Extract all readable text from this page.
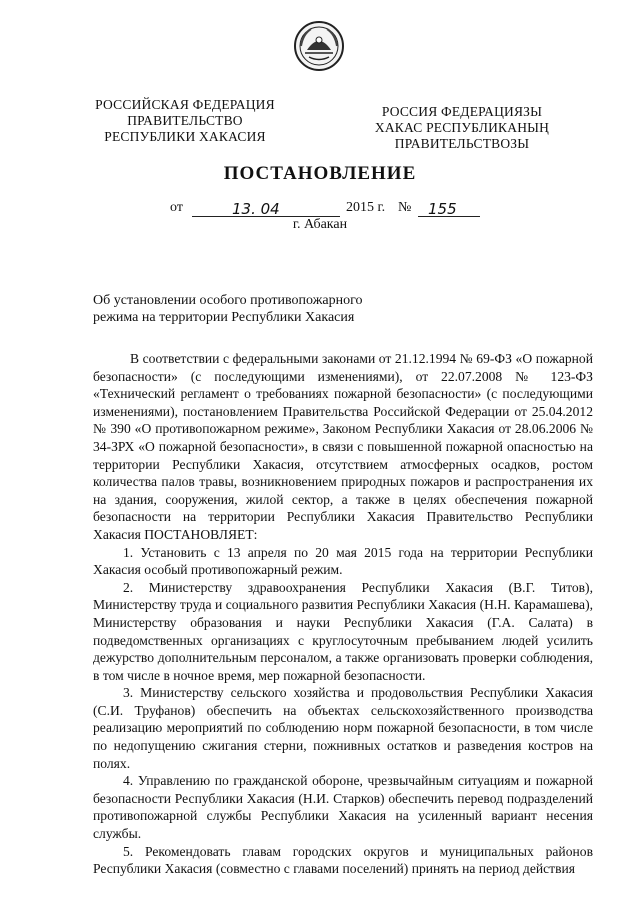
РОССИЙСКАЯ ФЕДЕРАЦИЯ
ПРАВИТЕЛЬСТВО
РЕСПУБЛИКИ ХАКАСИЯ
РОССИЯ ФЕДЕРАЦИЯЗЫ
ХАКАС РЕСПУБЛИКАНЫҢ
ПРАВИТЕЛЬСТВОЗЫ
ПОСТАНОВЛЕНИЕ
от	13. 04	2015 г. № 155
г. Абакан
Об установлении особого противопожарного
режима на территории Республики Хакасия

В соответствии с федеральными законами от 21.12.1994 № 69-ФЗ «О пожарной безопасности» (с последующими изменениями), от 22.07.2008 № 123-ФЗ «Технический регламент о требованиях пожарной безопасности» (с последующими изменениями), постановлением Правительства Российской Федерации от 25.04.2012 № 390 «О противопожарном режиме», Законом Республики Хакасия от 28.06.2006 № 34-ЗРХ «О пожарной безопасности», в связи с повышенной пожарной опасностью на территории Республики Хакасия, отсутствием атмосферных осадков, ростом количества палов травы, возникновением природных пожаров и распространения их на здания, сооружения, жилой сектор, а также в целях обеспечения пожарной безопасности на территории Республики Хакасия Правительство Республики Хакасия ПОСТАНОВЛЯЕТ:

1. Установить с 13 апреля по 20 мая 2015 года на территории Республики Хакасия особый противопожарный режим.

2. Министерству здравоохранения Республики Хакасия (В.Г. Титов), Министерству труда и социального развития Республики Хакасия (Н.Н. Карамашева), Министерству образования и науки Республики Хакасия (Г.А. Салата) в подведомственных организациях с круглосуточным пребыванием людей усилить дежурство дополнительным персоналом, а также организовать проверки соблюдения, в том числе в ночное время, мер пожарной безопасности.

3. Министерству сельского хозяйства и продовольствия Республики Хакасия (С.И. Труфанов) обеспечить на объектах сельскохозяйственного производства реализацию мероприятий по соблюдению норм пожарной безопасности, в том числе по недопущению сжигания стерни, пожнивных остатков и разведения костров на полях.

4. Управлению по гражданской обороне, чрезвычайным ситуациям и пожарной безопасности Республики Хакасия (Н.И. Старков) обеспечить перевод подразделений противопожарной службы Республики Хакасия на усиленный вариант несения службы.

5. Рекомендовать главам городских округов и муниципальных районов Республики Хакасия (совместно с главами поселений) принять на период действия
